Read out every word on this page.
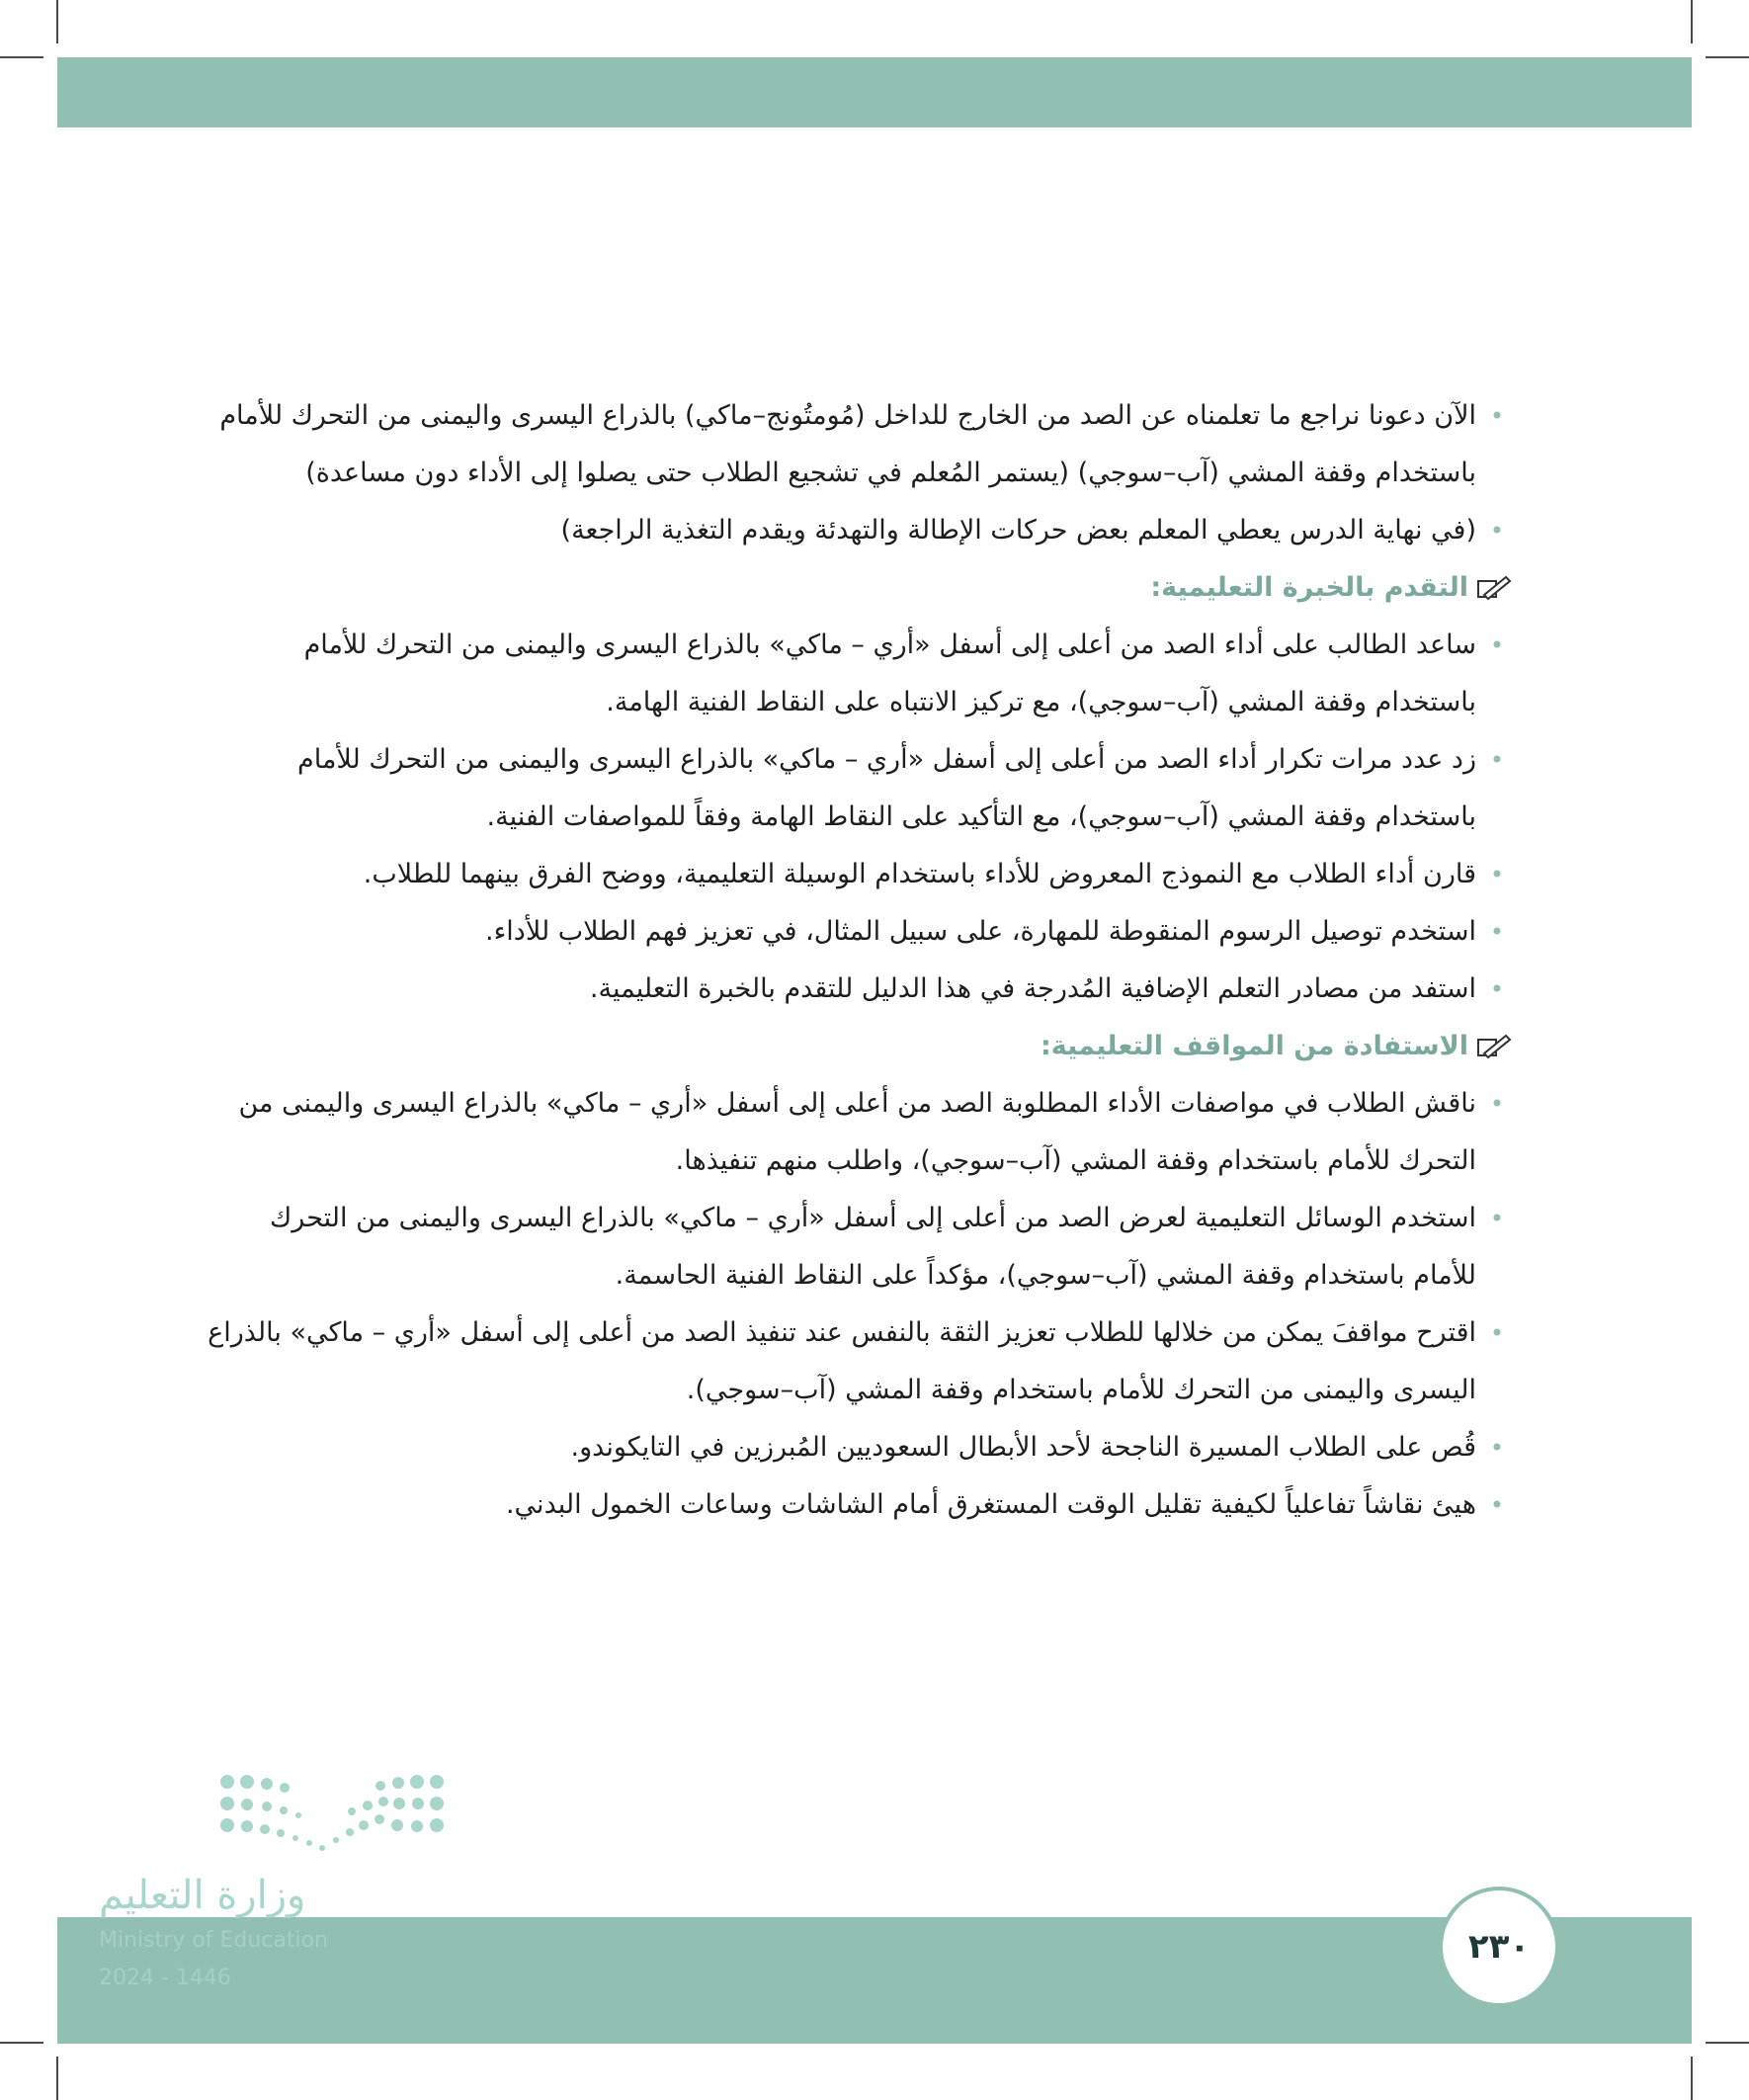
• الآن دعونا نراجع ما تعلمناه عن الصد من الخارج للداخل (مُومتُونج–ماكي) بالذراع اليسرى واليمنى من التحرك للأمام باستخدام وقفة المشي (آب–سوجي) (يستمر المُعلم في تشجيع الطلاب حتى يصلوا إلى الأداء دون مساعدة)
• (في نهاية الدرس يعطي المعلم بعض حركات الإطالة والتهدئة ويقدم التغذية الراجعة)
التقدم بالخبرة التعليمية:
• ساعد الطالب على أداء الصد من أعلى إلى أسفل «أري – ماكي» بالذراع اليسرى واليمنى من التحرك للأمام باستخدام وقفة المشي (آب–سوجي)، مع تركيز الانتباه على النقاط الفنية الهامة.
• زد عدد مرات تكرار أداء الصد من أعلى إلى أسفل «أري – ماكي» بالذراع اليسرى واليمنى من التحرك للأمام باستخدام وقفة المشي (آب–سوجي)، مع التأكيد على النقاط الهامة وفقاً للمواصفات الفنية.
• قارن أداء الطلاب مع النموذج المعروض للأداء باستخدام الوسيلة التعليمية، ووضح الفرق بينهما للطلاب.
• استخدم توصيل الرسوم المنقوطة للمهارة، على سبيل المثال، في تعزيز فهم الطلاب للأداء.
• استفد من مصادر التعلم الإضافية المُدرجة في هذا الدليل للتقدم بالخبرة التعليمية.
الاستفادة من المواقف التعليمية:
• ناقش الطلاب في مواصفات الأداء المطلوبة الصد من أعلى إلى أسفل «أري – ماكي» بالذراع اليسرى واليمنى من التحرك للأمام باستخدام وقفة المشي (آب–سوجي)، واطلب منهم تنفيذها.
• استخدم الوسائل التعليمية لعرض الصد من أعلى إلى أسفل «أري – ماكي» بالذراع اليسرى واليمنى من التحرك للأمام باستخدام وقفة المشي (آب–سوجي)، مؤكداً على النقاط الفنية الحاسمة.
• اقترح مواقفَ يمكن من خلالها للطلاب تعزيز الثقة بالنفس عند تنفيذ الصد من أعلى إلى أسفل «أري – ماكي» بالذراع اليسرى واليمنى من التحرك للأمام باستخدام وقفة المشي (آب–سوجي).
• قُص على الطلاب المسيرة الناجحة لأحد الأبطال السعوديين المُبرزين في التايكوندو.
• هيئ نقاشاً تفاعلياً لكيفية تقليل الوقت المستغرق أمام الشاشات وساعات الخمول البدني.
وزارة التعليم
Ministry of Education
2024 - 1446
٢٣٠
